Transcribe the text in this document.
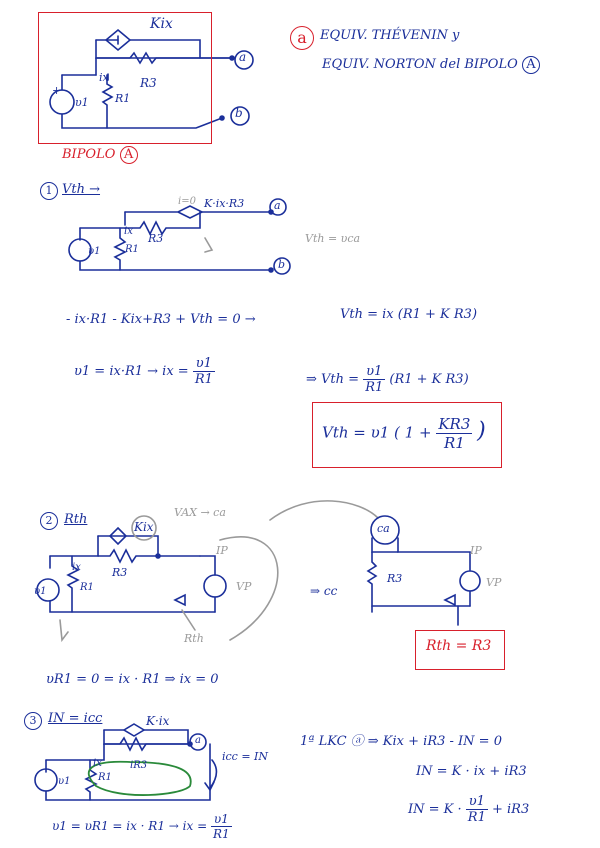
a	EQUIV. THÉVENIN y
EQUIV. NORTON del BIPOLO A
Kix
R3
ix
R1
υ1
+
a
b
BIPOLO A
1 Vth →
i=0 K·ix·R3
R3
ix
R1
υ1
a
b
Vth = υca
- ix·R1 - Kix+R3 + Vth = 0 →	Vth = ix (R1 + K R3)
υ1 = ix·R1 → ix = $\frac{\upsilon 1}{R1}$	⇒ Vth = $\frac{\upsilon 1}{R1} (R1 + K$ R3)
Vth = υ1 ( $1 + \frac{KR3}{R1}$ )
2 Rth	Kix
VAX → ca
IP
VP
ix	R3
R1
υ1
Rth
⇒ cc
ca
R3
IP
VP
Rth = R3
υR1 = 0 = ix · R1 ⇒ ix = 0
3 IN = icc	K·ix
a
icc = IN
ix	iR3
R1
υ1
υ1 = υR1 = ix · R1 → ix = $\frac{\upsilon 1}{R1}$
1ª LKC ⓐ ⇒ Kix + iR3 - IN = 0
IN = K · ix + iR3
IN = $K \cdot \frac{\upsilon 1}{R1} + iR3$
